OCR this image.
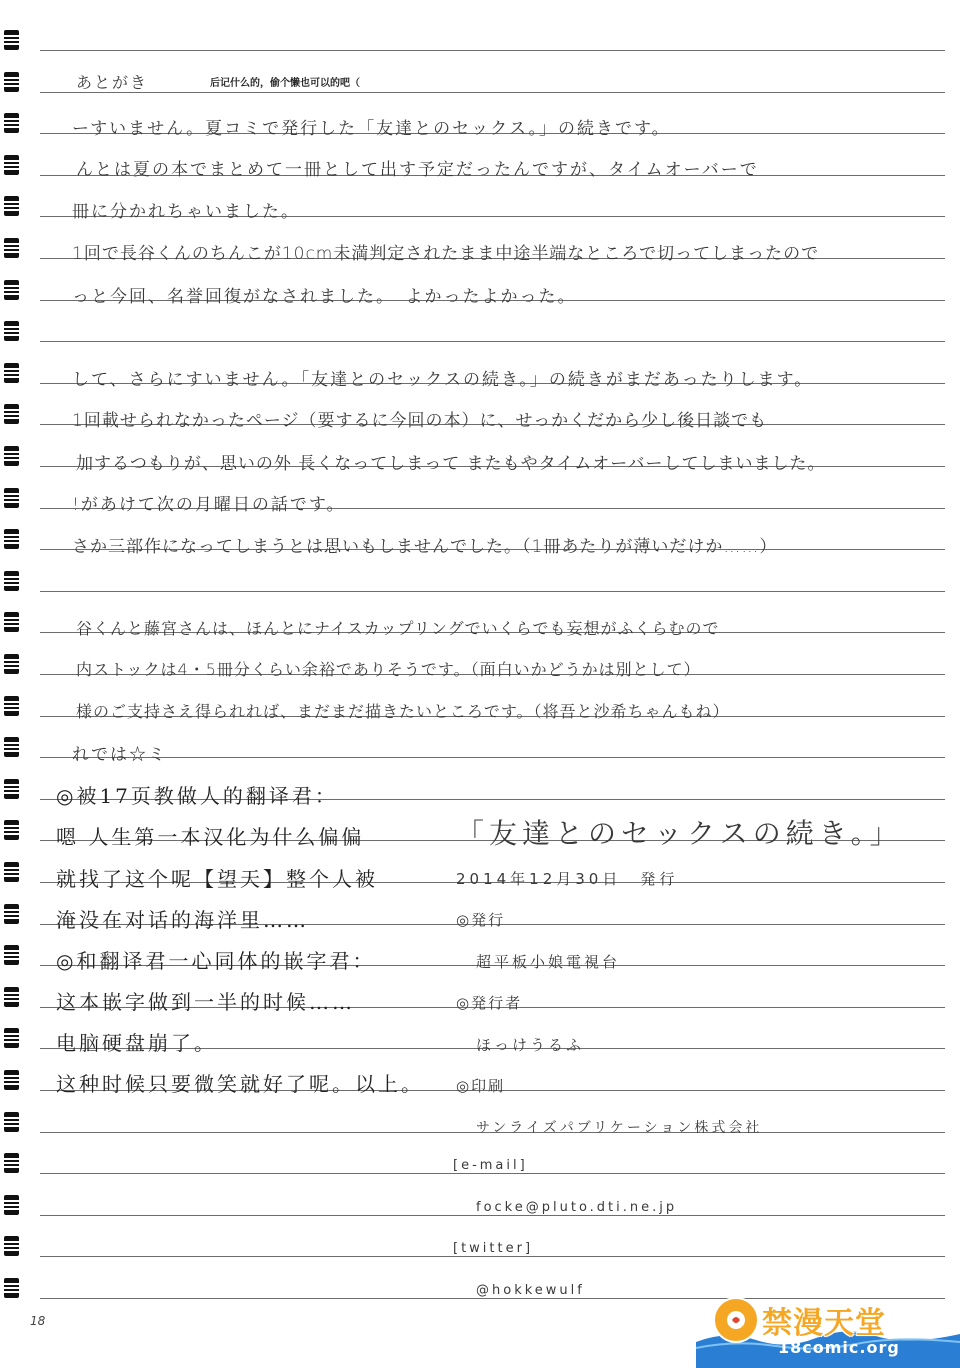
あとがき	后记什么的，偷个懒也可以的吧（
ーすいません。夏コミで発行した「友達とのセックス。」の続きです。
んとは夏の本でまとめて一冊として出す予定だったんですが、タイムオーバーで
冊に分かれちゃいました。
1回で長谷くんのちんこが10cm未満判定されたまま中途半端なところで切ってしまったので
っと今回、名誉回復がなされました。　よかったよかった。
して、さらにすいません。「友達とのセックスの続き。」の続きがまだあったりします。
1回載せられなかったページ（要するに今回の本）に、せっかくだから少し後日談でも
加するつもりが、思いの外 長くなってしまって またもやタイムオーバーしてしまいました。
!があけて次の月曜日の話です。
さか三部作になってしまうとは思いもしませんでした。（1冊あたりが薄いだけか……）
谷くんと藤宮さんは、ほんとにナイスカップリングでいくらでも妄想がふくらむので
内ストックは4・5冊分くらい余裕でありそうです。（面白いかどうかは別として）
様のご支持さえ得られれば、まだまだ描きたいところです。（将吾と沙希ちゃんもね）
れでは☆ミ
◎被17页教做人的翻译君：
嗯 人生第一本汉化为什么偏偏
就找了这个呢【望天】整个人被
淹没在对话的海洋里……
◎和翻译君一心同体的嵌字君：
这本嵌字做到一半的时候……
电脑硬盘崩了。
这种时候只要微笑就好了呢。以上。
「友達とのセックスの続き。」
2014年12月30日　発行
◎発行
超平板小娘電視台
◎発行者
ほっけうるふ
◎印刷
サンライズパブリケーション株式会社
[e-mail]
focke@pluto.dti.ne.jp
[twitter]
@hokkewulf
18	禁漫天堂
18comic.org
